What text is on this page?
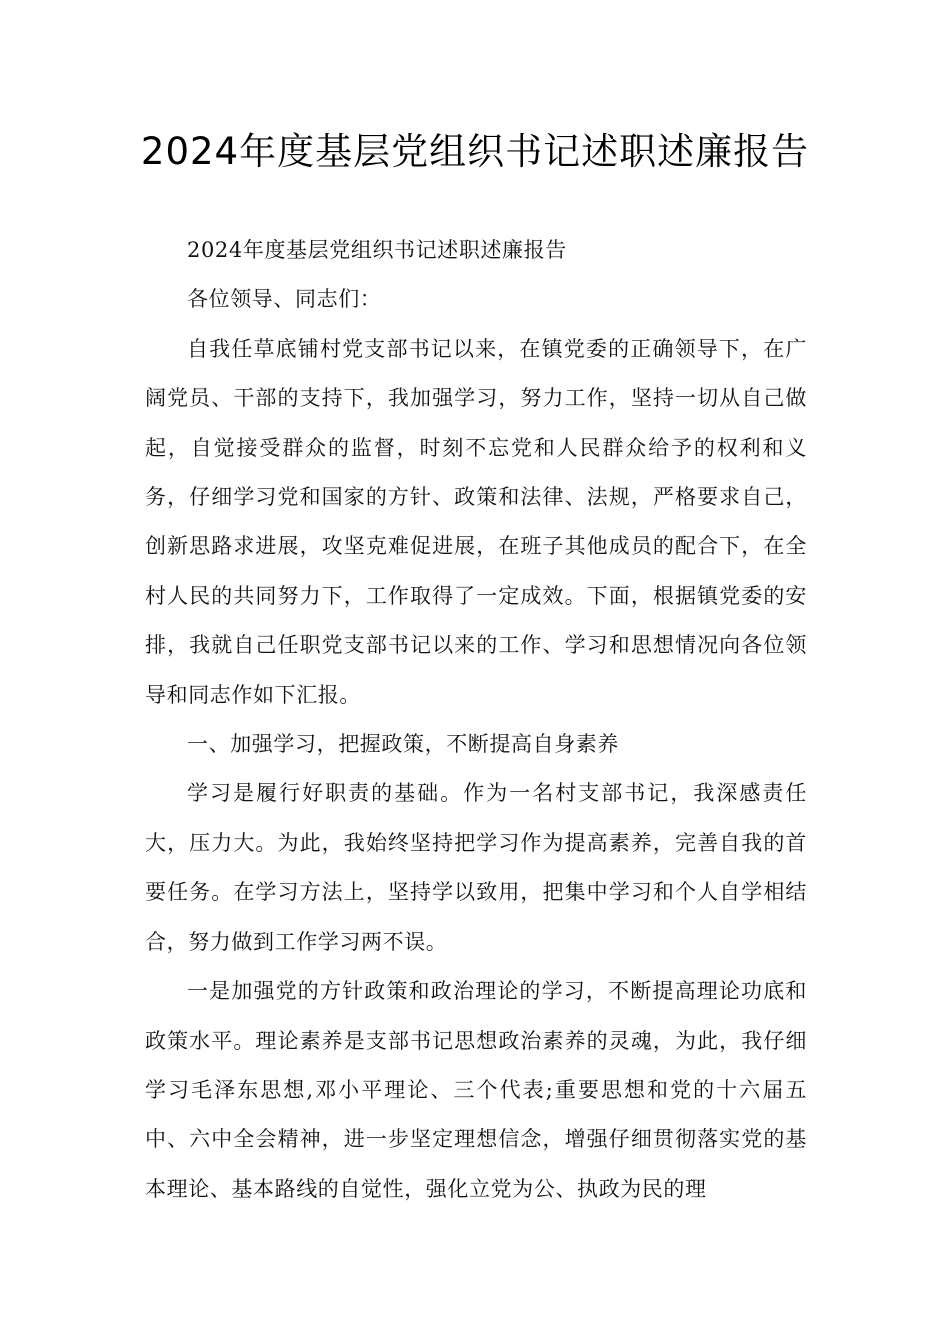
2024年度基层党组织书记述职述廉报告

2024年度基层党组织书记述职述廉报告

各位领导、同志们：

自我任草底铺村党支部书记以来，在镇党委的正确领导下，在广阔党员、干部的支持下，我加强学习，努力工作，坚持一切从自己做起，自觉接受群众的监督，时刻不忘党和人民群众给予的权利和义务，仔细学习党和国家的方针、政策和法律、法规，严格要求自己，创新思路求进展，攻坚克难促进展，在班子其他成员的配合下，在全村人民的共同努力下，工作取得了一定成效。下面，根据镇党委的安排，我就自己任职党支部书记以来的工作、学习和思想情况向各位领导和同志作如下汇报。

一、加强学习，把握政策，不断提高自身素养

学习是履行好职责的基础。作为一名村支部书记，我深感责任大，压力大。为此，我始终坚持把学习作为提高素养，完善自我的首要任务。在学习方法上，坚持学以致用，把集中学习和个人自学相结合，努力做到工作学习两不误。

一是加强党的方针政策和政治理论的学习，不断提高理论功底和政策水平。理论素养是支部书记思想政治素养的灵魂，为此，我仔细学习毛泽东思想,邓小平理论、三个代表;重要思想和党的十六届五中、六中全会精神，进一步坚定理想信念，增强仔细贯彻落实党的基本理论、基本路线的自觉性，强化立党为公、执政为民的理
